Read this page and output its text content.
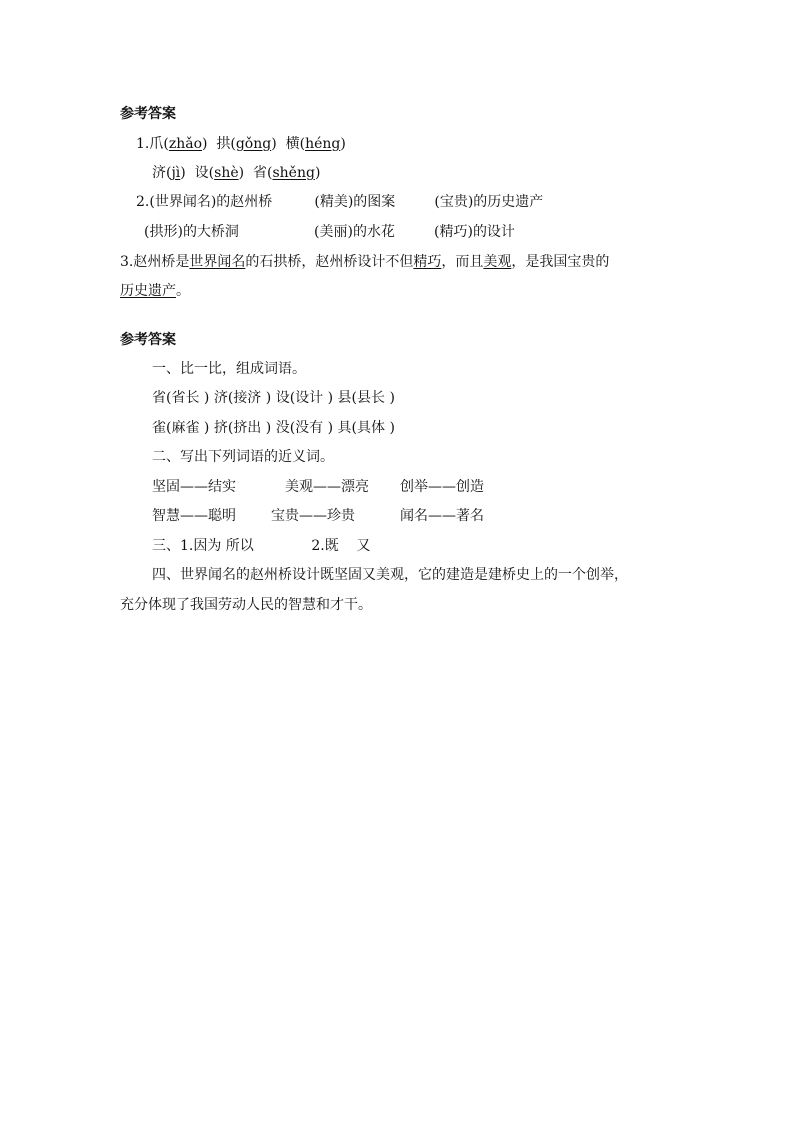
参考答案
1.爪(zhǎo) 拱(gǒng) 横(héng)
济(jì) 设(shè) 省(shěng)
2.(世界闻名)的赵州桥	(精美)的图案	(宝贵)的历史遗产
(拱形)的大桥洞	(美丽)的水花	(精巧)的设计
3.赵州桥是世界闻名的石拱桥，赵州桥设计不但精巧，而且美观，是我国宝贵的
历史遗产。
参考答案
一、比一比，组成词语。
省(省长 ) 济(接济 ) 设(设计 ) 县(县长 )
雀(麻雀 ) 挤(挤出 ) 没(没有 ) 具(具体 )
二、写出下列词语的近义词。
坚固——结实	美观——漂亮 创举——创造
智慧——聪明	宝贵——珍贵	闻名——著名
三、1.因为 所以	2.既    又
四、世界闻名的赵州桥设计既坚固又美观，它的建造是建桥史上的一个创举，
充分体现了我国劳动人民的智慧和才干。
